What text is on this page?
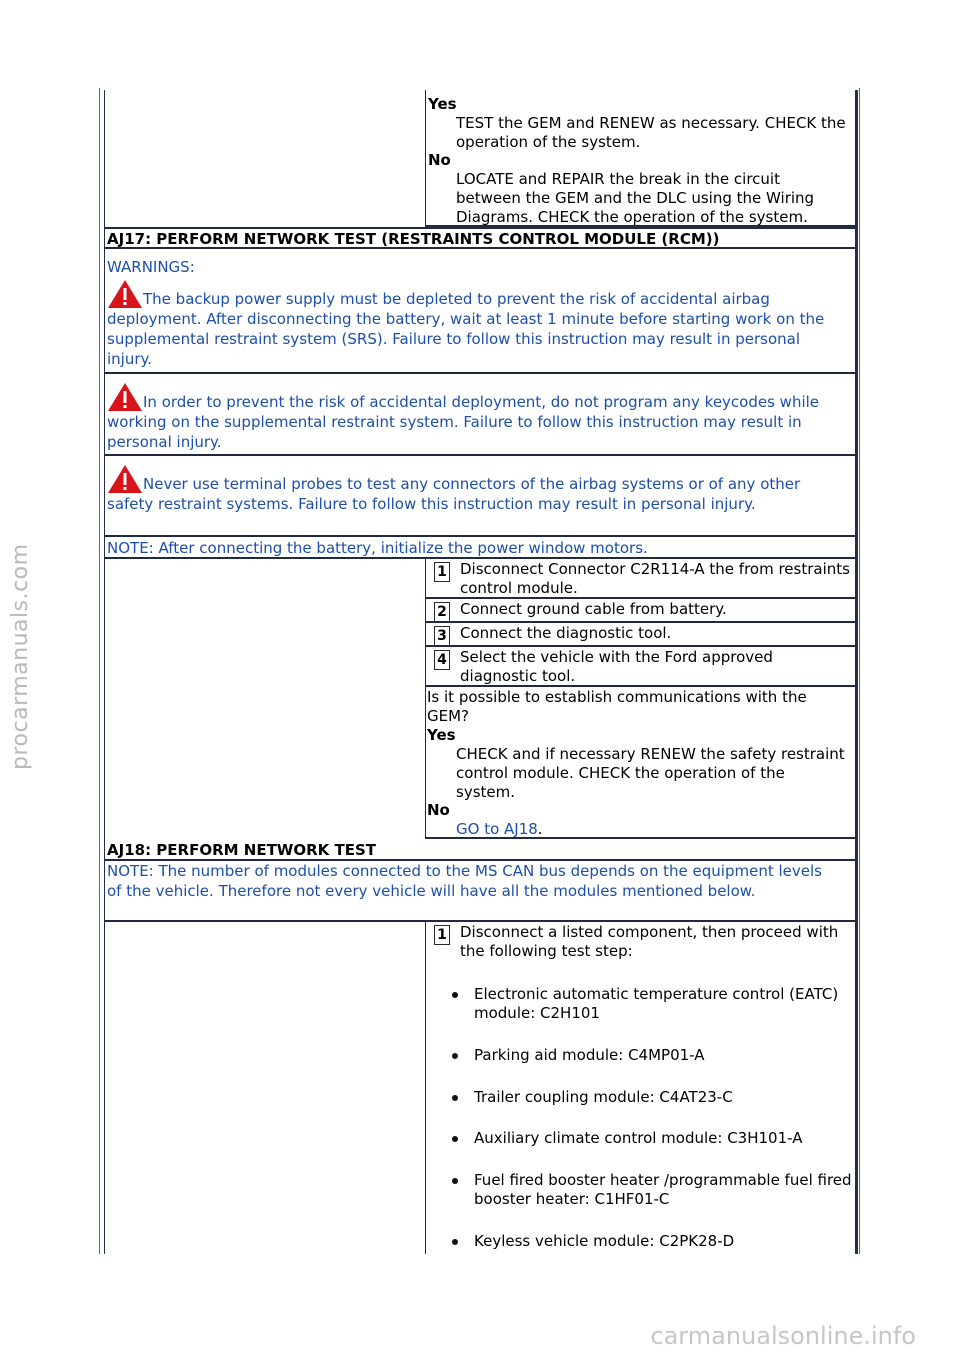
procarmanuals.com
carmanualsonline.info
Yes
TEST the GEM and RENEW as necessary. CHECK the operation of the system.
No
LOCATE and REPAIR the break in the circuit between the GEM and the DLC using the Wiring Diagrams. CHECK the operation of the system.
AJ17: PERFORM NETWORK TEST (RESTRAINTS CONTROL MODULE (RCM))
WARNINGS:
The backup power supply must be depleted to prevent the risk of accidental airbag deployment. After disconnecting the battery, wait at least 1 minute before starting work on the supplemental restraint system (SRS). Failure to follow this instruction may result in personal injury.
In order to prevent the risk of accidental deployment, do not program any keycodes while working on the supplemental restraint system. Failure to follow this instruction may result in personal injury.
Never use terminal probes to test any connectors of the airbag systems or of any other safety restraint systems. Failure to follow this instruction may result in personal injury.
NOTE: After connecting the battery, initialize the power window motors.
1 Disconnect Connector C2R114-A the from restraints control module.
2 Connect ground cable from battery.
3 Connect the diagnostic tool.
4 Select the vehicle with the Ford approved diagnostic tool.
Is it possible to establish communications with the GEM?
Yes
CHECK and if necessary RENEW the safety restraint control module. CHECK the operation of the system.
No
GO to AJ18.
AJ18: PERFORM NETWORK TEST
NOTE: The number of modules connected to the MS CAN bus depends on the equipment levels of the vehicle. Therefore not every vehicle will have all the modules mentioned below.
1 Disconnect a listed component, then proceed with the following test step:
Electronic automatic temperature control (EATC) module: C2H101
Parking aid module: C4MP01-A
Trailer coupling module: C4AT23-C
Auxiliary climate control module: C3H101-A
Fuel fired booster heater /programmable fuel fired booster heater: C1HF01-C
Keyless vehicle module: C2PK28-D
